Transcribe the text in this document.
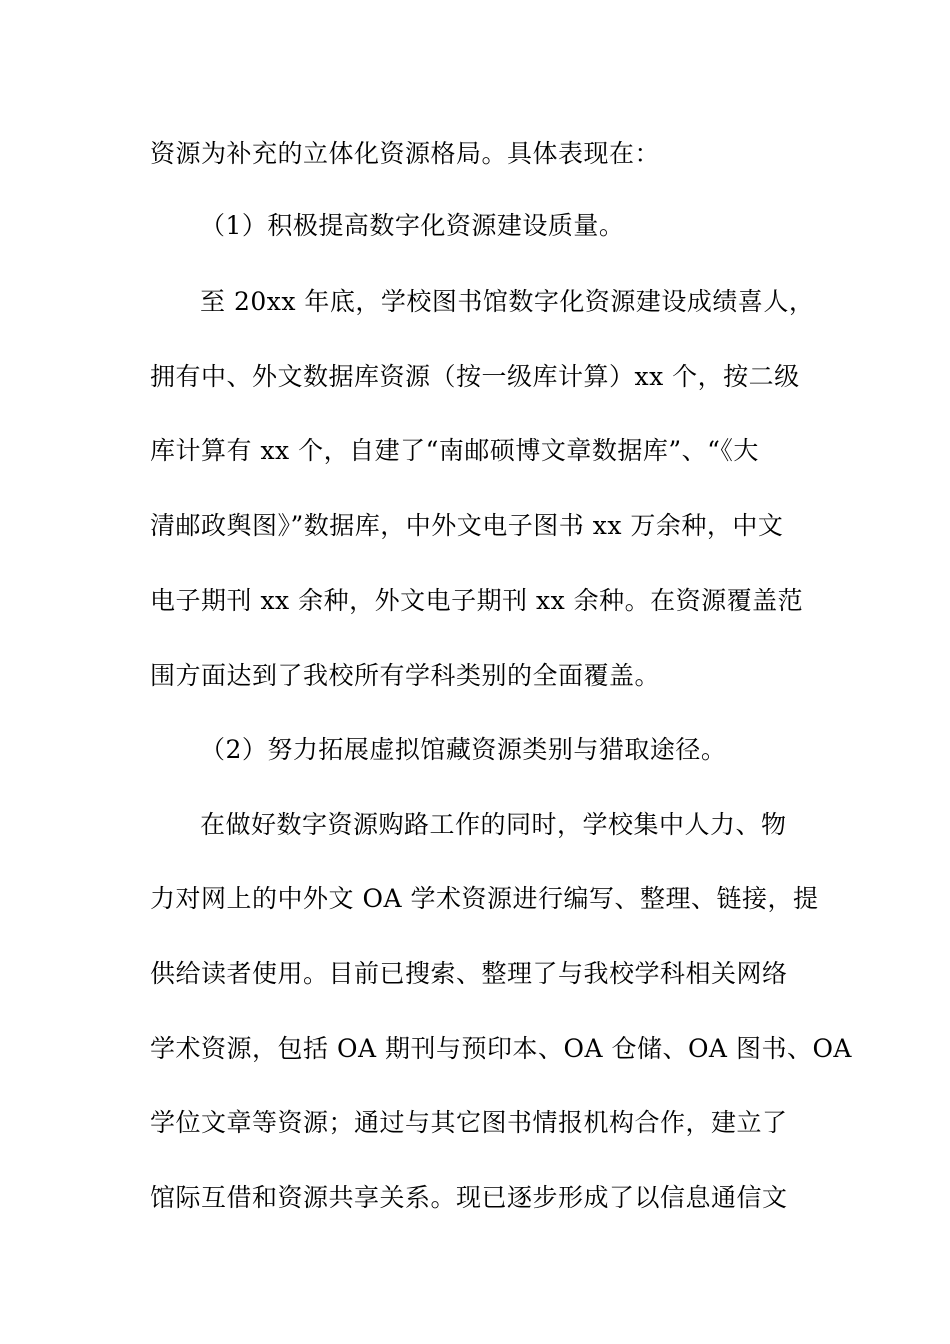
资源为补充的立体化资源格局。具体表现在：
（1）积极提高数字化资源建设质量。
至 20xx 年底，学校图书馆数字化资源建设成绩喜人，
拥有中、外文数据库资源（按一级库计算）xx 个，按二级
库计算有 xx 个，自建了“南邮硕博文章数据库”、“《大
清邮政舆图》”数据库，中外文电子图书 xx 万余种，中文
电子期刊 xx 余种，外文电子期刊 xx 余种。在资源覆盖范
围方面达到了我校所有学科类别的全面覆盖。
（2）努力拓展虚拟馆藏资源类别与猎取途径。
在做好数字资源购路工作的同时，学校集中人力、物
力对网上的中外文 OA 学术资源进行编写、整理、链接，提
供给读者使用。目前已搜索、整理了与我校学科相关网络
学术资源，包括 OA 期刊与预印本、OA 仓储、OA 图书、OA
学位文章等资源；通过与其它图书情报机构合作，建立了
馆际互借和资源共享关系。现已逐步形成了以信息通信文
